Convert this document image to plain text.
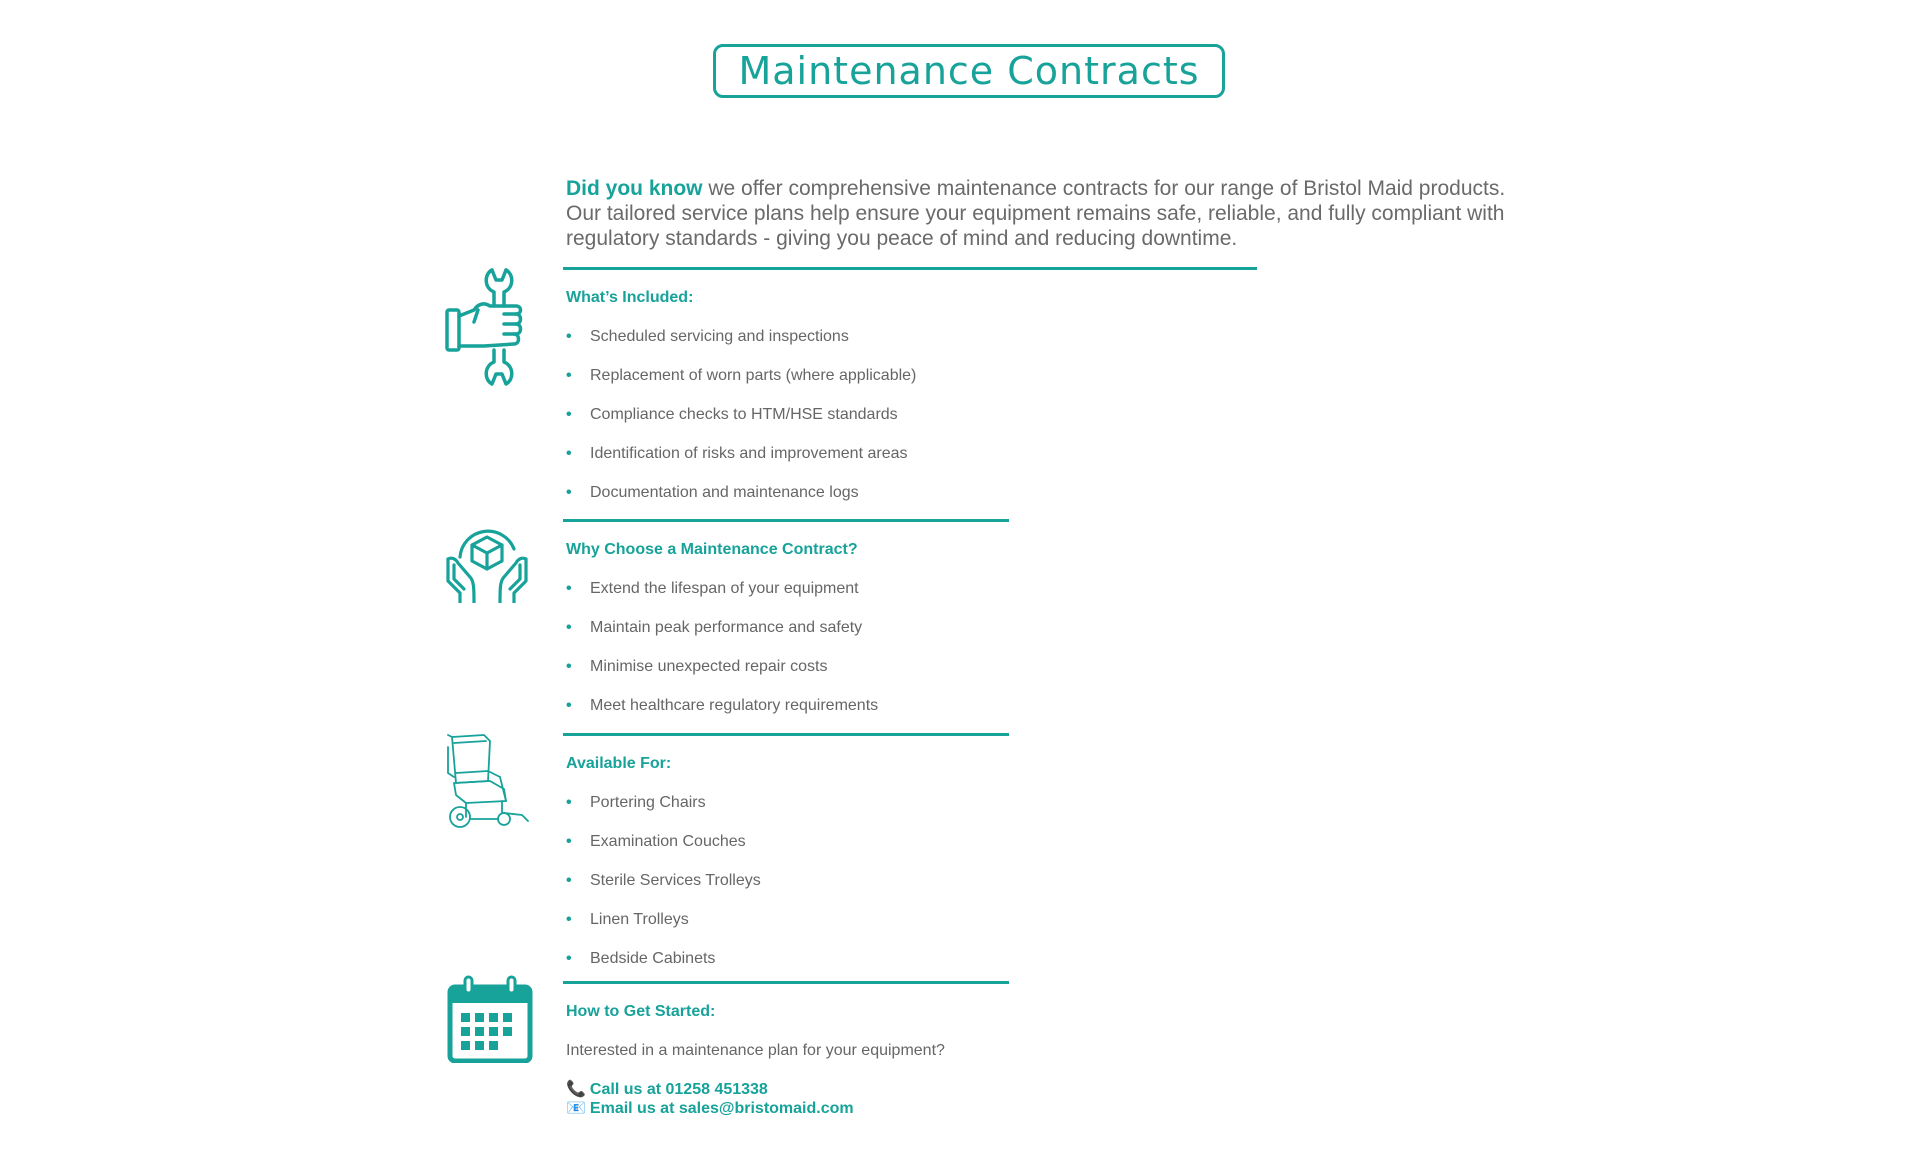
Maintenance Contracts

Did you know we offer comprehensive maintenance contracts for our range of Bristol Maid products. Our tailored service plans help ensure your equipment remains safe, reliable, and fully compliant with regulatory standards - giving you peace of mind and reducing downtime.

What’s Included:
• Scheduled servicing and inspections
• Replacement of worn parts (where applicable)
• Compliance checks to HTM/HSE standards
• Identification of risks and improvement areas
• Documentation and maintenance logs
Why Choose a Maintenance Contract?
• Extend the lifespan of your equipment
• Maintain peak performance and safety
• Minimise unexpected repair costs
• Meet healthcare regulatory requirements
Available For:
• Portering Chairs
• Examination Couches
• Sterile Services Trolleys
• Linen Trolleys
• Bedside Cabinets
How to Get Started:
Interested in a maintenance plan for your equipment?
📞 Call us at 01258 451338
📧 Email us at sales@bristomaid.com
